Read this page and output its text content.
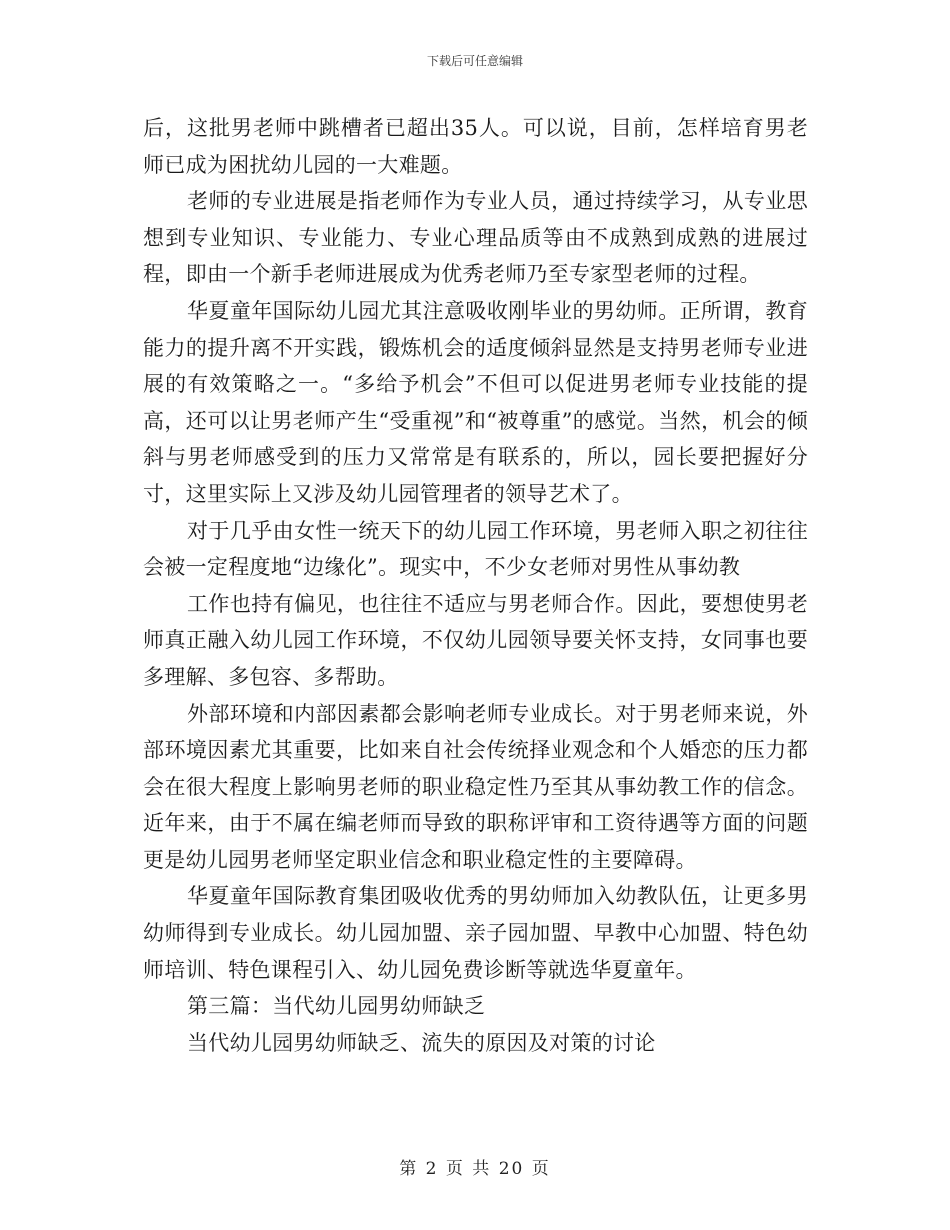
下载后可任意编辑

后，这批男老师中跳槽者已超出35人。可以说，目前，怎样培育男老师已成为困扰幼儿园的一大难题。

老师的专业进展是指老师作为专业人员，通过持续学习，从专业思想到专业知识、专业能力、专业心理品质等由不成熟到成熟的进展过程，即由一个新手老师进展成为优秀老师乃至专家型老师的过程。

华夏童年国际幼儿园尤其注意吸收刚毕业的男幼师。正所谓，教育能力的提升离不开实践，锻炼机会的适度倾斜显然是支持男老师专业进展的有效策略之一。“多给予机会”不但可以促进男老师专业技能的提高，还可以让男老师产生“受重视”和“被尊重”的感觉。当然，机会的倾斜与男老师感受到的压力又常常是有联系的，所以，园长要把握好分寸，这里实际上又涉及幼儿园管理者的领导艺术了。

对于几乎由女性一统天下的幼儿园工作环境，男老师入职之初往往会被一定程度地“边缘化”。现实中，不少女老师对男性从事幼教

工作也持有偏见，也往往不适应与男老师合作。因此，要想使男老师真正融入幼儿园工作环境，不仅幼儿园领导要关怀支持，女同事也要多理解、多包容、多帮助。

外部环境和内部因素都会影响老师专业成长。对于男老师来说，外部环境因素尤其重要，比如来自社会传统择业观念和个人婚恋的压力都会在很大程度上影响男老师的职业稳定性乃至其从事幼教工作的信念。近年来，由于不属在编老师而导致的职称评审和工资待遇等方面的问题更是幼儿园男老师坚定职业信念和职业稳定性的主要障碍。

华夏童年国际教育集团吸收优秀的男幼师加入幼教队伍，让更多男幼师得到专业成长。幼儿园加盟、亲子园加盟、早教中心加盟、特色幼师培训、特色课程引入、幼儿园免费诊断等就选华夏童年。

第三篇：当代幼儿园男幼师缺乏

当代幼儿园男幼师缺乏、流失的原因及对策的讨论

第 2 页 共 20 页
